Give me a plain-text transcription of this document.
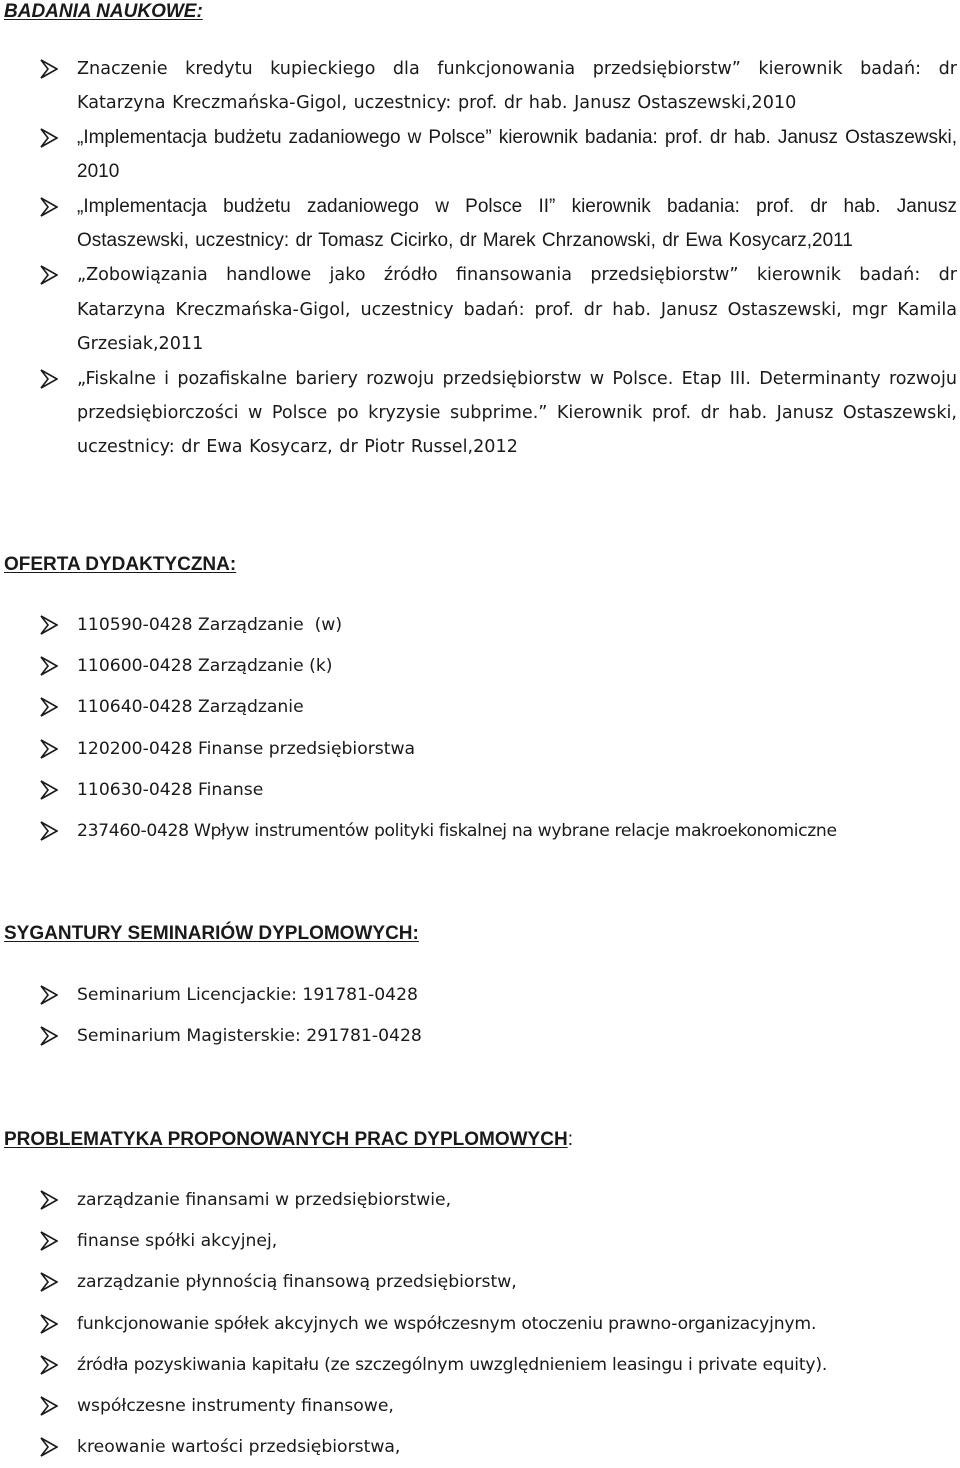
BADANIA NAUKOWE:
Znaczenie kredytu kupieckiego dla funkcjonowania przedsiębiorstw” kierownik badań: dr Katarzyna Kreczmańska-Gigol, uczestnicy: prof. dr hab. Janusz Ostaszewski,2010
„Implementacja budżetu zadaniowego w Polsce” kierownik badania: prof. dr hab. Janusz Ostaszewski, 2010
„Implementacja budżetu zadaniowego w Polsce II” kierownik badania: prof. dr hab. Janusz Ostaszewski, uczestnicy: dr Tomasz Cicirko, dr Marek Chrzanowski, dr Ewa Kosycarz,2011
„Zobowiązania handlowe jako źródło finansowania przedsiębiorstw” kierownik badań: dr Katarzyna Kreczmańska-Gigol, uczestnicy badań: prof. dr hab. Janusz Ostaszewski, mgr Kamila Grzesiak,2011
„Fiskalne i pozafiskalne bariery rozwoju przedsiębiorstw w Polsce. Etap III. Determinanty rozwoju przedsiębiorczości w Polsce po kryzysie subprime.” Kierownik prof. dr hab. Janusz Ostaszewski, uczestnicy: dr Ewa Kosycarz, dr Piotr Russel,2012
OFERTA DYDAKTYCZNA:
110590-0428 Zarządzanie  (w)
110600-0428 Zarządzanie (k)
110640-0428 Zarządzanie
120200-0428 Finanse przedsiębiorstwa
110630-0428 Finanse
237460-0428 Wpływ instrumentów polityki fiskalnej na wybrane relacje makroekonomiczne
SYGANTURY SEMINARIÓW DYPLOMOWYCH:
Seminarium Licencjackie: 191781-0428
Seminarium Magisterskie: 291781-0428
PROBLEMATYKA PROPONOWANYCH PRAC DYPLOMOWYCH:
zarządzanie finansami w przedsiębiorstwie,
finanse spółki akcyjnej,
zarządzanie płynnością finansową przedsiębiorstw,
funkcjonowanie spółek akcyjnych we współczesnym otoczeniu prawno-organizacyjnym.
źródła pozyskiwania kapitału (ze szczególnym uwzględnieniem leasingu i private equity).
współczesne instrumenty finansowe,
kreowanie wartości przedsiębiorstwa,
